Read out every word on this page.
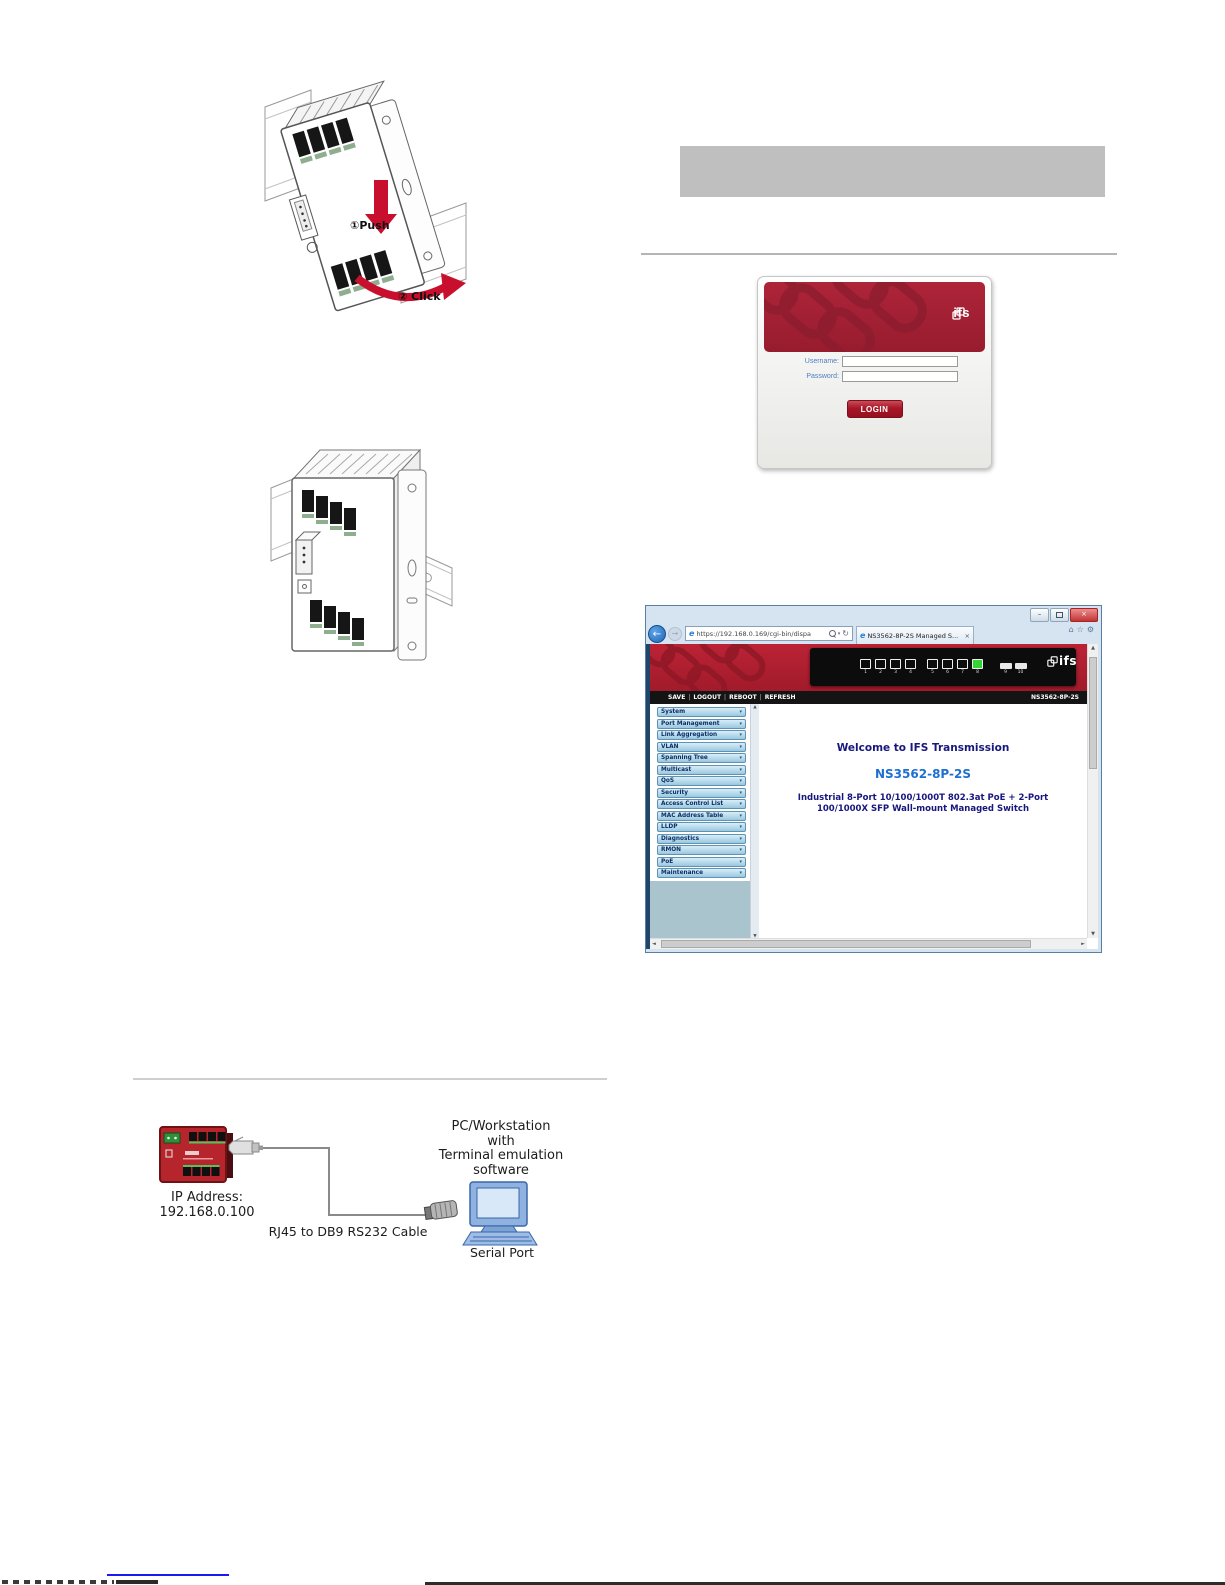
①Push
② Click
ifs
Username:
Password:
LOGIN
–	×
←	→	e https://192.168.0.169/cgi-bin/dispa	▾ ↻ e NS3562-8P-2S Managed S... ×
⌂☆⚙
1	2	3	4	5	6	7	8	9 10
ifs
SAVE	| LOGOUT	| REBOOT	| REFRESH	NS3562-8P-2S
System	▾
Port Management	▾
Link Aggregation	▾
VLAN	▾
Spanning Tree	▾
Multicast	▾
QoS	▾
Security	▾
Access Control List	▾
MAC Address Table	▾
LLDP	▾
Diagnostics	▾
RMON	▾
PoE	▾
Maintenance	▾
▲
▼
Welcome to IFS Transmission
NS3562-8P-2S
Industrial 8-Port 10/100/1000T 802.3at PoE + 2-Port 100/1000X SFP Wall-mount Managed Switch
▲
▼
◄	►
IP Address:
192.168.0.100
RJ45 to DB9 RS232 Cable
PC/Workstation
with
Terminal emulation software
Serial Port
